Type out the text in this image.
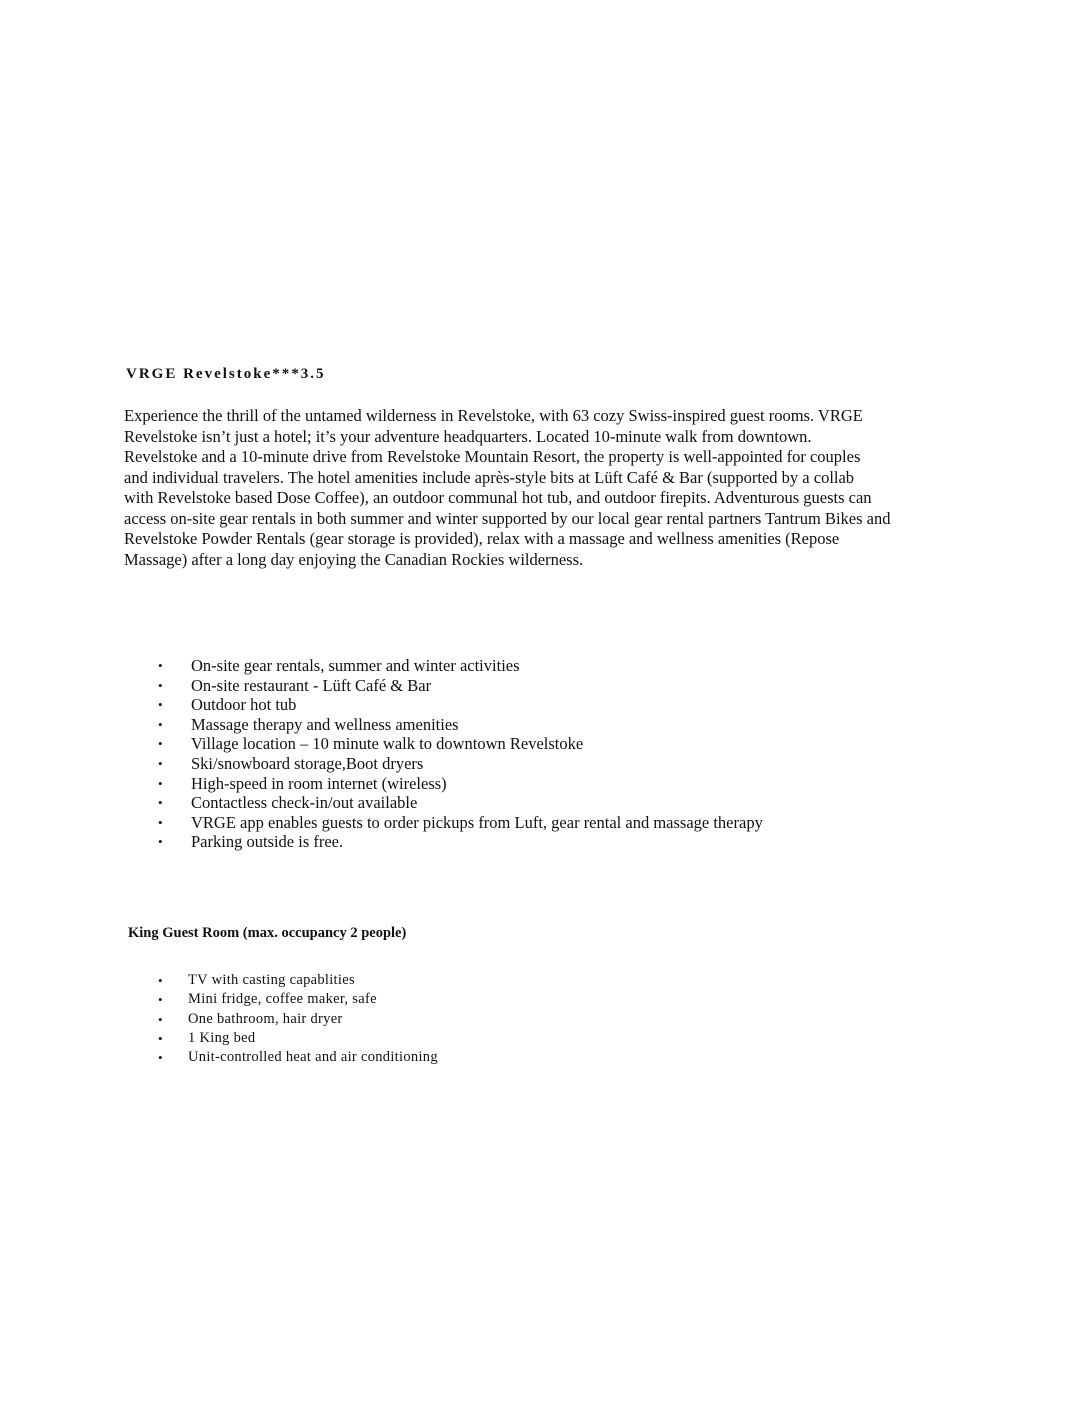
VRGE Revelstoke***3.5

Experience the thrill of the untamed wilderness in Revelstoke, with 63 cozy Swiss-inspired guest rooms. VRGE
Revelstoke isn’t just a hotel; it’s your adventure headquarters. Located 10-minute walk from downtown.
Revelstoke and a 10-minute drive from Revelstoke Mountain Resort, the property is well-appointed for couples
and individual travelers. The hotel amenities include après-style bits at Lüft Café & Bar (supported by a collab
with Revelstoke based Dose Coffee), an outdoor communal hot tub, and outdoor firepits. Adventurous guests can
access on-site gear rentals in both summer and winter supported by our local gear rental partners Tantrum Bikes and
Revelstoke Powder Rentals (gear storage is provided), relax with a massage and wellness amenities (Repose
Massage) after a long day enjoying the Canadian Rockies wilderness.

• On-site gear rentals, summer and winter activities
• On-site restaurant - Lüft Café & Bar
• Outdoor hot tub
• Massage therapy and wellness amenities
• Village location – 10 minute walk to downtown Revelstoke
• Ski/snowboard storage,Boot dryers
• High-speed in room internet (wireless)
• Contactless check-in/out available
• VRGE app enables guests to order pickups from Luft, gear rental and massage therapy
• Parking outside is free.
King Guest Room (max. occupancy 2 people)
• TV with casting capablities
• Mini fridge, coffee maker, safe
• One bathroom, hair dryer
• 1 King bed
• Unit-controlled heat and air conditioning
